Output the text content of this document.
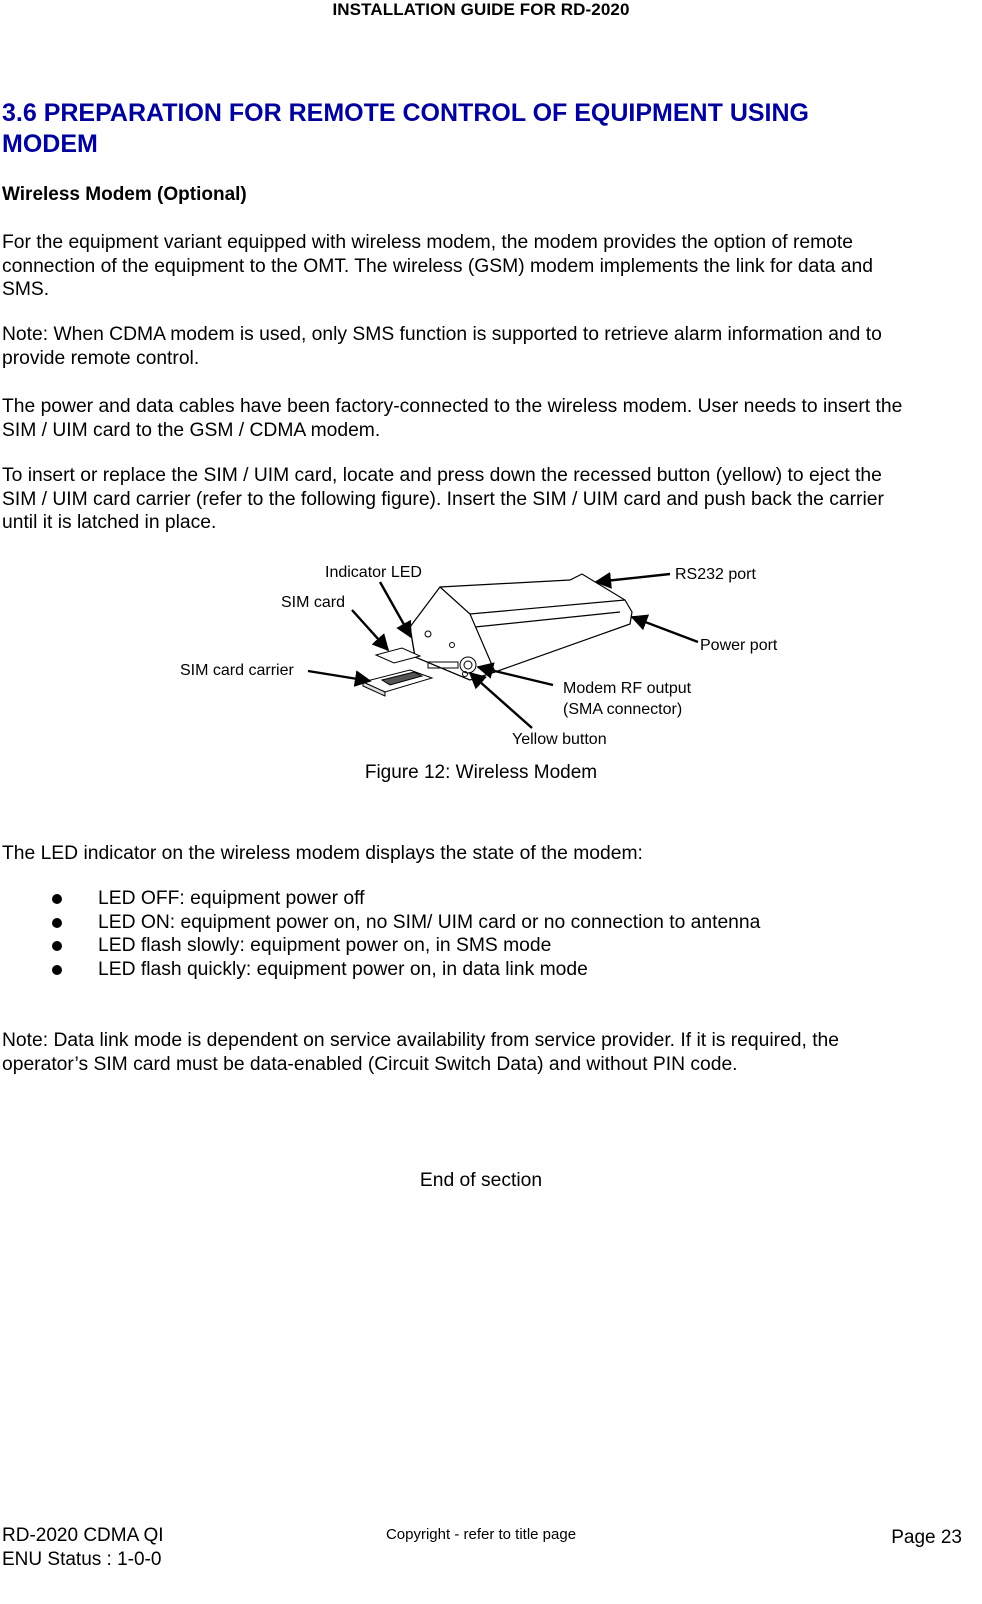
INSTALLATION GUIDE FOR RD-2020
3.6 PREPARATION FOR REMOTE CONTROL OF EQUIPMENT USING
MODEM
Wireless Modem (Optional)

For the equipment variant equipped with wireless modem, the modem provides the option of remote
connection of the equipment to the OMT. The wireless (GSM) modem implements the link for data and
SMS.

Note: When CDMA modem is used, only SMS function is supported to retrieve alarm information and to
provide remote control.

The power and data cables have been factory-connected to the wireless modem. User needs to insert the
SIM / UIM card to the GSM / CDMA modem.

To insert or replace the SIM / UIM card, locate and press down the recessed button (yellow) to eject the
SIM / UIM card carrier (refer to the following figure). Insert the SIM / UIM card and push back the carrier
until it is latched in place.

Indicator LED	RS232 port
SIM card
Power port
SIM card carrier
Modem RF output
(SMA connector)
Yellow button
Figure 12: Wireless Modem

The LED indicator on the wireless modem displays the state of the modem:

LED OFF: equipment power off
LED ON: equipment power on, no SIM/ UIM card or no connection to antenna
LED flash slowly: equipment power on, in SMS mode
LED flash quickly: equipment power on, in data link mode

Note: Data link mode is dependent on service availability from service provider. If it is required, the
operator’s SIM card must be data-enabled (Circuit Switch Data) and without PIN code.

End of section
RD-2020 CDMA QI
ENU Status : 1-0-0
Copyright - refer to title page	Page 23
